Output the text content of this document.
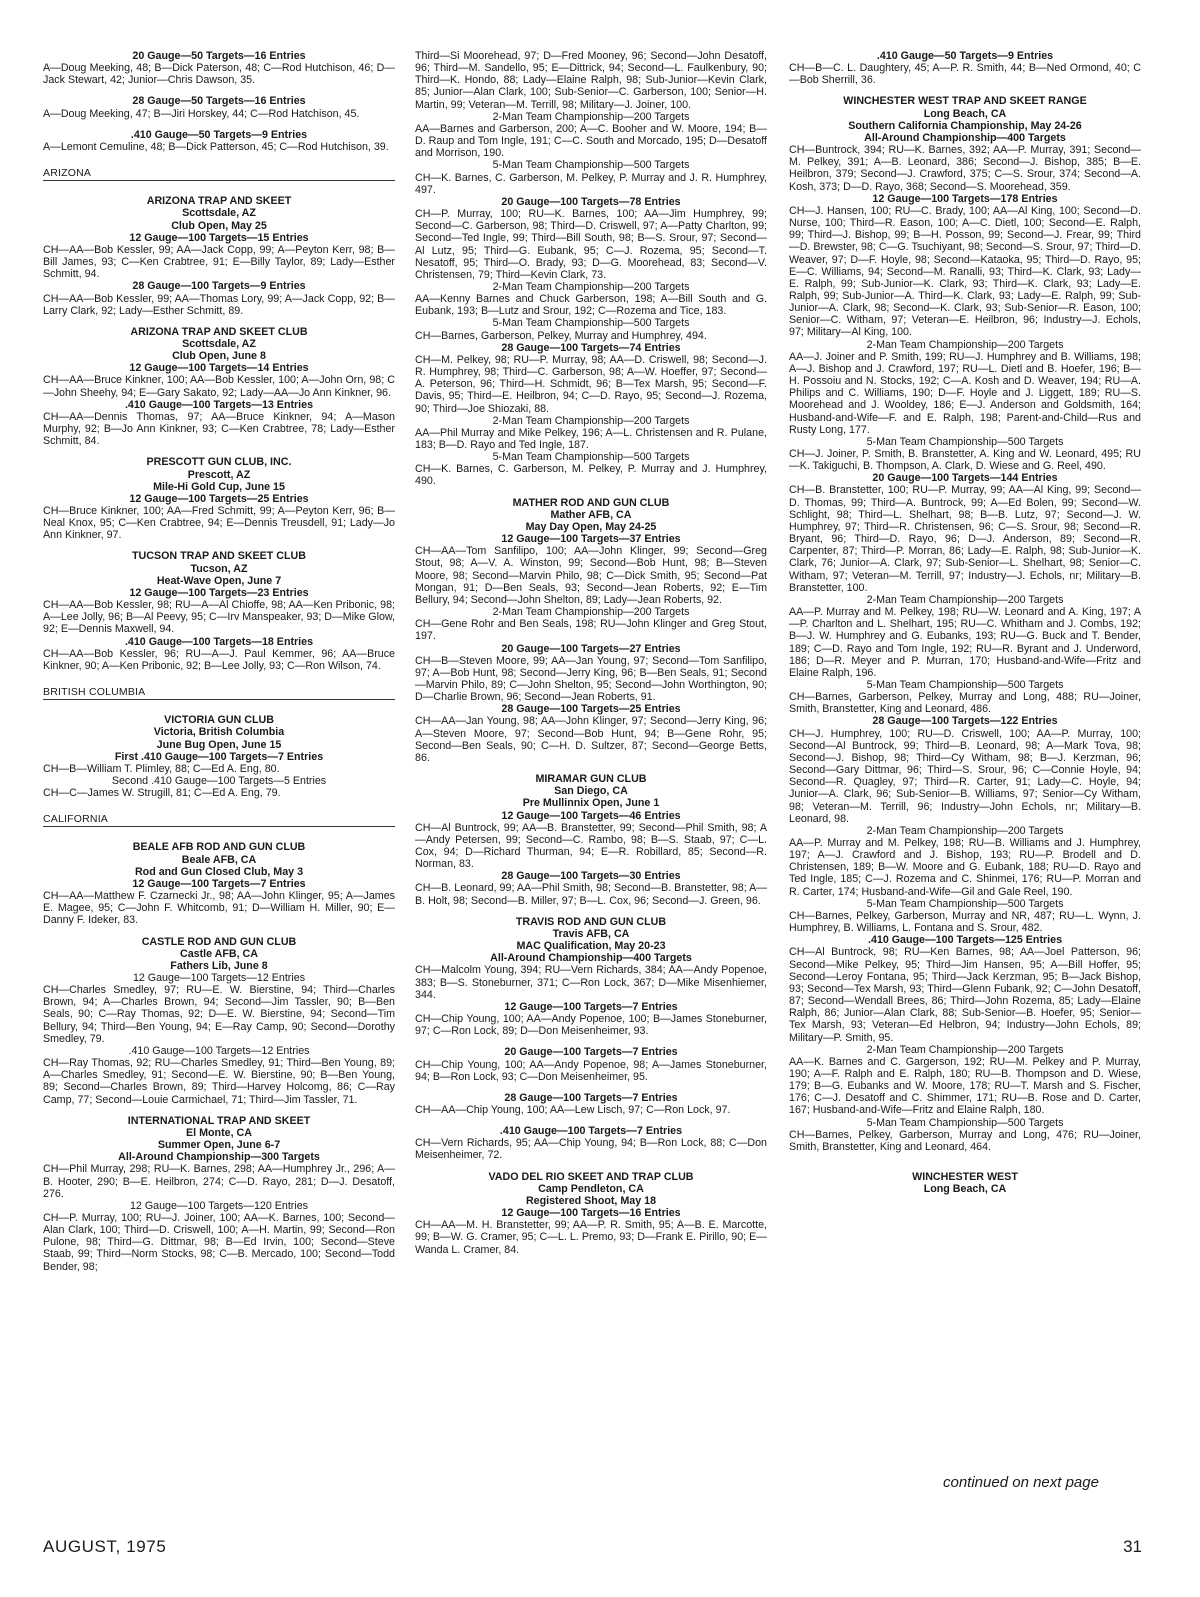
20 Gauge—50 Targets—16 Entries
A—Doug Meeking, 48; B—Dick Paterson, 48; C—Rod Hutchison, 46; D—Jack Stewart, 42; Junior—Chris Dawson, 35.
28 Gauge—50 Targets—16 Entries
A—Doug Meeking, 47; B—Jiri Horskey, 44; C—Rod Hatchison, 45.
.410 Gauge—50 Targets—9 Entries
A—Lemont Cemuline, 48; B—Dick Patterson, 45; C—Rod Hutchison, 39.
ARIZONA
ARIZONA TRAP AND SKEET
Scottsdale, AZ
Club Open, May 25
12 Gauge—100 Targets—15 Entries
CH—AA—Bob Kessler, 99; AA—Jack Copp, 99; A—Peyton Kerr, 98; B—Bill James, 93; C—Ken Crabtree, 91; E—Billy Taylor, 89; Lady—Esther Schmitt, 94.
28 Gauge—100 Targets—9 Entries
CH—AA—Bob Kessler, 99; AA—Thomas Lory, 99; A—Jack Copp, 92; B—Larry Clark, 92; Lady—Esther Schmitt, 89.
ARIZONA TRAP AND SKEET CLUB
Scottsdale, AZ
Club Open, June 8
12 Gauge—100 Targets—14 Entries
CH—AA—Bruce Kinkner, 100; AA—Bob Kessler, 100; A—John Orn, 98; C—John Sheehy, 94; E—Gary Sakato, 92; Lady—AA—Jo Ann Kinkner, 96.
.410 Gauge—100 Targets—13 Entries
CH—AA—Dennis Thomas, 97; AA—Bruce Kinkner, 94; A—Mason Murphy, 92; B—Jo Ann Kinkner, 93; C—Ken Crabtree, 78; Lady—Esther Schmitt, 84.
PRESCOTT GUN CLUB, INC.
Prescott, AZ
Mile-Hi Gold Cup, June 15
12 Gauge—100 Targets—25 Entries
CH—Bruce Kinkner, 100; AA—Fred Schmitt, 99; A—Peyton Kerr, 96; B—Neal Knox, 95; C—Ken Crabtree, 94; E—Dennis Treusdell, 91; Lady—Jo Ann Kinkner, 97.
TUCSON TRAP AND SKEET CLUB
Tucson, AZ
Heat-Wave Open, June 7
12 Gauge—100 Targets—23 Entries
CH—AA—Bob Kessler, 98; RU—A—Al Chioffe, 98; AA—Ken Pribonic, 98; A—Lee Jolly, 96; B—Al Peevy, 95; C—Irv Manspeaker, 93; D—Mike Glow, 92; E—Dennis Maxwell, 94.
.410 Gauge—100 Targets—18 Entries
CH—AA—Bob Kessler, 96; RU—A—J. Paul Kemmer, 96; AA—Bruce Kinkner, 90; A—Ken Pribonic, 92; B—Lee Jolly, 93; C—Ron Wilson, 74.
BRITISH COLUMBIA
VICTORIA GUN CLUB
Victoria, British Columbia
June Bug Open, June 15
First .410 Gauge—100 Targets—7 Entries
CH—B—William T. Plimley, 88; C—Ed A. Eng, 80.
Second .410 Gauge—100 Targets—5 Entries
CH—C—James W. Strugill, 81; C—Ed A. Eng, 79.
CALIFORNIA
BEALE AFB ROD AND GUN CLUB
Beale AFB, CA
Rod and Gun Closed Club, May 3
12 Gauge—100 Targets—7 Entries
CH—AA—Matthew F. Czarnecki Jr., 98; AA—John Klinger, 95; A—James E. Magee, 95; C—John F. Whitcomb, 91; D—William H. Miller, 90; E—Danny F. Ideker, 83.
CASTLE ROD AND GUN CLUB
Castle AFB, CA
Fathers Lib, June 8
12 Gauge—100 Targets—12 Entries
CH—Charles Smedley, 97; RU—E. W. Bierstine, 94; Third—Charles Brown, 94; A—Charles Brown, 94; Second—Jim Tassler, 90; B—Ben Seals, 90; C—Ray Thomas, 92; D—E. W. Bierstine, 94; Second—Tim Bellury, 94; Third—Ben Young, 94; E—Ray Camp, 90; Second—Dorothy Smedley, 79.
.410 Gauge—100 Targets—12 Entries
CH—Ray Thomas, 92; RU—Charles Smedley, 91; Third—Ben Young, 89; A—Charles Smedley, 91; Second—E. W. Bierstine, 90; B—Ben Young, 89; Second—Charles Brown, 89; Third—Harvey Holcomg, 86; C—Ray Camp, 77; Second—Louie Carmichael, 71; Third—Jim Tassler, 71.
INTERNATIONAL TRAP AND SKEET
El Monte, CA
Summer Open, June 6-7
All-Around Championship—300 Targets
CH—Phil Murray, 298; RU—K. Barnes, 298; AA—Humphrey Jr., 296; A—B. Hooter, 290; B—E. Heilbron, 274; C—D. Rayo, 281; D—J. Desatoff, 276.
12 Gauge—100 Targets—120 Entries
CH—P. Murray, 100; RU—J. Joiner, 100; AA—K. Barnes, 100; Second—Alan Clark, 100; Third—D. Criswell, 100; A—H. Martin, 99; Second—Ron Pulone, 98; Third—G. Dittmar, 98; B—Ed Irvin, 100; Second—Steve Staab, 99; Third—Norm Stocks, 98; C—B. Mercado, 100; Second—Todd Bender, 98;
Third—Si Moorehead, 97; D—Fred Mooney, 96; Second—John Desatoff, 96; Third—M. Sandello, 95; E—Dittrick, 94; Second—L. Faulkenbury, 90; Third—K. Hondo, 88; Lady—Elaine Ralph, 98; Sub-Junior—Kevin Clark, 85; Junior—Alan Clark, 100; Sub-Senior—C. Garberson, 100; Senior—H. Martin, 99; Veteran—M. Terrill, 98; Military—J. Joiner, 100.
2-Man Team Championship—200 Targets
AA—Barnes and Garberson, 200; A—C. Booher and W. Moore, 194; B—D. Raup and Tom Ingle, 191; C—C. South and Morcado, 195; D—Desatoff and Morrison, 190.
5-Man Team Championship—500 Targets
CH—K. Barnes, C. Garberson, M. Pelkey, P. Murray and J. R. Humphrey, 497.
20 Gauge—100 Targets—78 Entries
CH—P. Murray, 100; RU—K. Barnes, 100; AA—Jim Humphrey, 99; Second—C. Garberson, 98; Third—D. Criswell, 97; A—Patty Charlton, 99; Second—Ted Ingle, 99; Third—Bill South, 98; B—S. Srour, 97; Second—Al Lutz, 95; Third—G. Eubank, 95; C—J. Rozema, 95; Second—T. Nesatoff, 95; Third—O. Brady, 93; D—G. Moorehead, 83; Second—V. Christensen, 79; Third—Kevin Clark, 73.
2-Man Team Championship—200 Targets
AA—Kenny Barnes and Chuck Garberson, 198; A—Bill South and G. Eubank, 193; B—Lutz and Srour, 192; C—Rozema and Tice, 183.
5-Man Team Championship—500 Targets
CH—Barnes, Garberson, Pelkey, Murray and Humphrey, 494.
28 Gauge—100 Targets—74 Entries
CH—M. Pelkey, 98; RU—P. Murray, 98; AA—D. Criswell, 98; Second—J. R. Humphrey, 98; Third—C. Garberson, 98; A—W. Hoeffer, 97; Second—A. Peterson, 96; Third—H. Schmidt, 96; B—Tex Marsh, 95; Second—F. Davis, 95; Third—E. Heilbron, 94; C—D. Rayo, 95; Second—J. Rozema, 90; Third—Joe Shiozaki, 88.
2-Man Team Championship—200 Targets
AA—Phil Murray and Mike Pelkey, 196; A—L. Christensen and R. Pulane, 183; B—D. Rayo and Ted Ingle, 187.
5-Man Team Championship—500 Targets
CH—K. Barnes, C. Garberson, M. Pelkey, P. Murray and J. Humphrey, 490.
MATHER ROD AND GUN CLUB
Mather AFB, CA
May Day Open, May 24-25
12 Gauge—100 Targets—37 Entries
CH—AA—Tom Sanfilipo, 100; AA—John Klinger, 99; Second—Greg Stout, 98; A—V. A. Winston, 99; Second—Bob Hunt, 98; B—Steven Moore, 98; Second—Marvin Philo, 98; C—Dick Smith, 95; Second—Pat Mongan, 91; D—Ben Seals, 93; Second—Jean Roberts, 92; E—Tim Bellury, 94; Second—John Shelton, 89; Lady—Jean Roberts, 92.
2-Man Team Championship—200 Targets
CH—Gene Rohr and Ben Seals, 198; RU—John Klinger and Greg Stout, 197.
20 Gauge—100 Targets—27 Entries
CH—B—Steven Moore, 99; AA—Jan Young, 97; Second—Tom Sanfilipo, 97; A—Bob Hunt, 98; Second—Jerry King, 96; B—Ben Seals, 91; Second—Marvin Philo, 89; C—John Shelton, 95; Second—John Worthington, 90; D—Charlie Brown, 96; Second—Jean Roberts, 91.
28 Gauge—100 Targets—25 Entries
CH—AA—Jan Young, 98; AA—John Klinger, 97; Second—Jerry King, 96; A—Steven Moore, 97; Second—Bob Hunt, 94; B—Gene Rohr, 95; Second—Ben Seals, 90; C—H. D. Sultzer, 87; Second—George Betts, 86.
MIRAMAR GUN CLUB
San Diego, CA
Pre Mullinnix Open, June 1
12 Gauge—100 Targets—46 Entries
CH—Al Buntrock, 99; AA—B. Branstetter, 99; Second—Phil Smith, 98; A—Andy Petersen, 99; Second—C. Rambo, 98; B—S. Staab, 97; C—L. Cox, 94; D—Richard Thurman, 94; E—R. Robillard, 85; Second—R. Norman, 83.
28 Gauge—100 Targets—30 Entries
CH—B. Leonard, 99; AA—Phil Smith, 98; Second—B. Branstetter, 98; A—B. Holt, 98; Second—B. Miller, 97; B—L. Cox, 96; Second—J. Green, 96.
TRAVIS ROD AND GUN CLUB
Travis AFB, CA
MAC Qualification, May 20-23
All-Around Championship—400 Targets
CH—Malcolm Young, 394; RU—Vern Richards, 384; AA—Andy Popenoe, 383; B—S. Stoneburner, 371; C—Ron Lock, 367; D—Mike Misenhiemer, 344.
12 Gauge—100 Targets—7 Entries
CH—Chip Young, 100; AA—Andy Popenoe, 100; B—James Stoneburner, 97; C—Ron Lock, 89; D—Don Meisenheimer, 93.
20 Gauge—100 Targets—7 Entries
CH—Chip Young, 100; AA—Andy Popenoe, 98; A—James Stoneburner, 94; B—Ron Lock, 93; C—Don Meisenheimer, 95.
28 Gauge—100 Targets—7 Entries
CH—AA—Chip Young, 100; AA—Lew Lisch, 97; C—Ron Lock, 97.
.410 Gauge—100 Targets—7 Entries
CH—Vern Richards, 95; AA—Chip Young, 94; B—Ron Lock, 88; C—Don Meisenheimer, 72.
VADO DEL RIO SKEET AND TRAP CLUB
Camp Pendleton, CA
Registered Shoot, May 18
12 Gauge—100 Targets—16 Entries
CH—AA—M. H. Branstetter, 99; AA—P. R. Smith, 95; A—B. E. Marcotte, 99; B—W. G. Cramer, 95; C—L. L. Premo, 93; D—Frank E. Pirillo, 90; E—Wanda L. Cramer, 84.
.410 Gauge—50 Targets—9 Entries
CH—B—C. L. Daughtery, 45; A—P. R. Smith, 44; B—Ned Ormond, 40; C—Bob Sherrill, 36.
WINCHESTER WEST TRAP AND SKEET RANGE
Long Beach, CA
Southern California Championship, May 24-26
All-Around Championship—400 Targets
CH—Buntrock, 394; RU—K. Barnes, 392; AA—P. Murray, 391; Second—M. Pelkey, 391; A—B. Leonard, 386; Second—J. Bishop, 385; B—E. Heilbron, 379; Second—J. Crawford, 375; C—S. Srour, 374; Second—A. Kosh, 373; D—D. Rayo, 368; Second—S. Moorehead, 359.
12 Gauge—100 Targets—178 Entries
CH—J. Hansen, 100; RU—C. Brady, 100; AA—Al King, 100; Second—D. Nurse, 100; Third—R. Eason, 100; A—C. Dietl, 100; Second—E. Ralph, 99; Third—J. Bishop, 99; B—H. Posson, 99; Second—J. Frear, 99; Third—D. Brewster, 98; C—G. Tsuchiyant, 98; Second—S. Srour, 97; Third—D. Weaver, 97; D—F. Hoyle, 98; Second—Kataoka, 95; Third—D. Rayo, 95; E—C. Williams, 94; Second—M. Ranalli, 93; Third—K. Clark, 93; Lady—E. Ralph, 99; Sub-Junior—K. Clark, 93; Third—K. Clark, 93; Lady—E. Ralph, 99; Sub-Junior—A. Third—K. Clark, 93; Lady—E. Ralph, 99; Sub-Junior—A. Clark, 98; Second—K. Clark, 93; Sub-Senior—R. Eason, 100; Senior—C. Witham, 97; Veteran—E. Heilbron, 96; Industry—J. Echols, 97; Military—Al King, 100.
2-Man Team Championship—200 Targets
AA—J. Joiner and P. Smith, 199; RU—J. Humphrey and B. Williams, 198; A—J. Bishop and J. Crawford, 197; RU—L. Dietl and B. Hoefer, 196; B—H. Possoiu and N. Stocks, 192; C—A. Kosh and D. Weaver, 194; RU—A. Philips and C. Williams, 190; D—F. Hoyle and J. Liggett, 189; RU—S. Moorehead and J. Wooldey, 186; E—J. Anderson and Goldsmith, 164; Husband-and-Wife—F. and E. Ralph, 198; Parent-and-Child—Rus and Rusty Long, 177.
5-Man Team Championship—500 Targets
CH—J. Joiner, P. Smith, B. Branstetter, A. King and W. Leonard, 495; RU—K. Takiguchi, B. Thompson, A. Clark, D. Wiese and G. Reel, 490.
20 Gauge—100 Targets—144 Entries
CH—B. Branstetter, 100; RU—P. Murray, 99; AA—Al King, 99; Second—D. Thomas, 99; Third—A. Buntrock, 99; A—Ed Bolen, 99; Second—W. Schlight, 98; Third—L. Shelhart, 98; B—B. Lutz, 97; Second—J. W. Humphrey, 97; Third—R. Christensen, 96; C—S. Srour, 98; Second—R. Bryant, 96; Third—D. Rayo, 96; D—J. Anderson, 89; Second—R. Carpenter, 87; Third—P. Morran, 86; Lady—E. Ralph, 98; Sub-Junior—K. Clark, 76; Junior—A. Clark, 97; Sub-Senior—L. Shelhart, 98; Senior—C. Witham, 97; Veteran—M. Terrill, 97; Industry—J. Echols, nr; Military—B. Branstetter, 100.
2-Man Team Championship—200 Targets
AA—P. Murray and M. Pelkey, 198; RU—W. Leonard and A. King, 197; A—P. Charlton and L. Shelhart, 195; RU—C. Whitham and J. Combs, 192; B—J. W. Humphrey and G. Eubanks, 193; RU—G. Buck and T. Bender, 189; C—D. Rayo and Tom Ingle, 192; RU—R. Byrant and J. Underword, 186; D—R. Meyer and P. Murran, 170; Husband-and-Wife—Fritz and Elaine Ralph, 196.
5-Man Team Championship—500 Targets
CH—Barnes, Garberson, Pelkey, Murray and Long, 488; RU—Joiner, Smith, Branstetter, King and Leonard, 486.
28 Gauge—100 Targets—122 Entries
CH—J. Humphrey, 100; RU—D. Criswell, 100; AA—P. Murray, 100; Second—Al Buntrock, 99; Third—B. Leonard, 98; A—Mark Tova, 98; Second—J. Bishop, 98; Third—Cy Witham, 98; B—J. Kerzman, 96; Second—Gary Dittmar, 96; Third—S. Srour, 96; C—Connie Hoyle, 94; Second—R. Quagley, 97; Third—R. Carter, 91; Lady—C. Hoyle, 94; Junior—A. Clark, 96; Sub-Senior—B. Williams, 97; Senior—Cy Witham, 98; Veteran—M. Terrill, 96; Industry—John Echols, nr; Military—B. Leonard, 98.
2-Man Team Championship—200 Targets
AA—P. Murray and M. Pelkey, 198; RU—B. Williams and J. Humphrey, 197; A—J. Crawford and J. Bishop, 193; RU—P. Brodell and D. Christensen, 189; B—W. Moore and G. Eubank, 188; RU—D. Rayo and Ted Ingle, 185; C—J. Rozema and C. Shinmei, 176; RU—P. Morran and R. Carter, 174; Husband-and-Wife—Gil and Gale Reel, 190.
5-Man Team Championship—500 Targets
CH—Barnes, Pelkey, Garberson, Murray and NR, 487; RU—L. Wynn, J. Humphrey, B. Williams, L. Fontana and S. Srour, 482.
.410 Gauge—100 Targets—125 Entries
CH—Al Buntrock, 98; RU—Ken Barnes, 98; AA—Joel Patterson, 96; Second—Mike Pelkey, 95; Third—Jim Hansen, 95; A—Bill Hoffer, 95; Second—Leroy Fontana, 95; Third—Jack Kerzman, 95; B—Jack Bishop, 93; Second—Tex Marsh, 93; Third—Glenn Fubank, 92; C—John Desatoff, 87; Second—Wendall Brees, 86; Third—John Rozema, 85; Lady—Elaine Ralph, 86; Junior—Alan Clark, 88; Sub-Senior—B. Hoefer, 95; Senior—Tex Marsh, 93; Veteran—Ed Helbron, 94; Industry—John Echols, 89; Military—P. Smith, 95.
2-Man Team Championship—200 Targets
AA—K. Barnes and C. Gargerson, 192; RU—M. Pelkey and P. Murray, 190; A—F. Ralph and E. Ralph, 180; RU—B. Thompson and D. Wiese, 179; B—G. Eubanks and W. Moore, 178; RU—T. Marsh and S. Fischer, 176; C—J. Desatoff and C. Shimmer, 171; RU—B. Rose and D. Carter, 167; Husband-and-Wife—Fritz and Elaine Ralph, 180.
5-Man Team Championship—500 Targets
CH—Barnes, Pelkey, Garberson, Murray and Long, 476; RU—Joiner, Smith, Branstetter, King and Leonard, 464.
WINCHESTER WEST
Long Beach, CA
continued on next page
AUGUST, 1975	31
